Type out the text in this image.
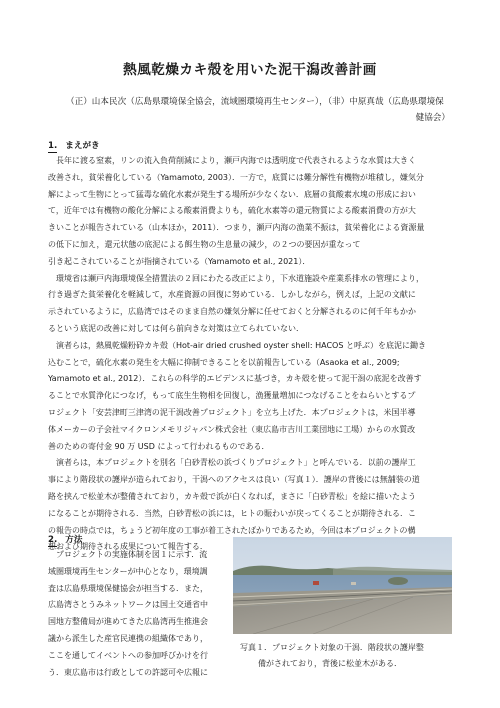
熱風乾燥カキ殻を用いた泥干潟改善計画
（正）山本民次（広島県環境保全協会，流域圏環境再生センター），（非）中原真哉（広島県環境保
健協会）
1. まえがき
長年に渡る窒素，リンの流入負荷削減により，瀬戸内海では透明度で代表されるような水質は大きく
改善され，貧栄養化している（Yamamoto, 2003）．一方で，底質には難分解性有機物が堆積し，嫌気分
解によって生物にとって猛毒な硫化水素が発生する場所が少なくない．底層の貧酸素水塊の形成におい
て，近年では有機物の酸化分解による酸素消費よりも，硫化水素等の還元物質による酸素消費の方が大
きいことが報告されている（山本ほか，2011）．つまり，瀬戸内海の漁業不振は，貧栄養化による資源量
の低下に加え，還元状態の底泥による餌生物の生息量の減少，の２つの要因が重なって
引き起こされていることが指摘されている（Yamamoto et al., 2021）．
環境省は瀬戸内海環境保全措置法の２回にわたる改正により，下水道施設や産業系排水の管理により，
行き過ぎた貧栄養化を軽減して，水産資源の回復に努めている．しかしながら，例えば，上記の文献に
示されているように，広島湾ではそのまま自然の嫌気分解に任せておくと分解されるのに何千年もかか
るという底泥の改善に対しては何ら前向きな対策は立てられていない．
演者らは，熱風乾燥粉砕カキ殻（Hot-air dried crushed oyster shell: HACOS と呼ぶ）を底泥に鋤き
込むことで，硫化水素の発生を大幅に抑制できることを以前報告している（Asaoka et al., 2009;
Yamamoto et al., 2012）．これらの科学的エビデンスに基づき，カキ殻を使って泥干潟の底泥を改善す
ることで水質浄化につなげ，もって底生生物相を回復し，漁獲量増加につなげることをねらいとするプ
ロジェクト「安芸津町三津湾の泥干潟改善プロジェクト」を立ち上げた．本プロジェクトは，米国半導
体メーカーの子会社マイクロンメモリジャパン株式会社（東広島市吉川工業団地に工場）からの水質改
善のための寄付金 90 万 USD によって行われるものである．
演者らは，本プロジェクトを別名「白砂青松の浜づくりプロジェクト」と呼んでいる．以前の護岸工
事により階段状の護岸が造られており，干潟へのアクセスは良い（写真１）．護岸の背後には無舗装の道
路を挟んで松並木が整備されており，カキ殻で浜が白くなれば，まさに「白砂青松」を絵に描いたよう
になることが期待される．当然，白砂青松の浜には，ヒトの賑わいが戻ってくることが期待される．こ
の報告の時点では，ちょうど初年度の工事が着工されたばかりであるため，今回は本プロジェクトの構
想および期待される成果について報告する．
2. 方法
プロジェクトの実施体制を図１に示す．流
域圏環境再生センターが中心となり，環境調
査は広島県環境保健協会が担当する．また，
広島湾さとうみネットワークは国土交通省中
国地方整備局が進めてきた広島湾再生推進会
議から派生した産官民連携の組織体であり，
ここを通してイベントへの参加呼びかけを行
う．東広島市は行政としての許認可や広報に
写真１．プロジェクト対象の干潟．階段状の護岸整
備がされており，背後に松並木がある．
